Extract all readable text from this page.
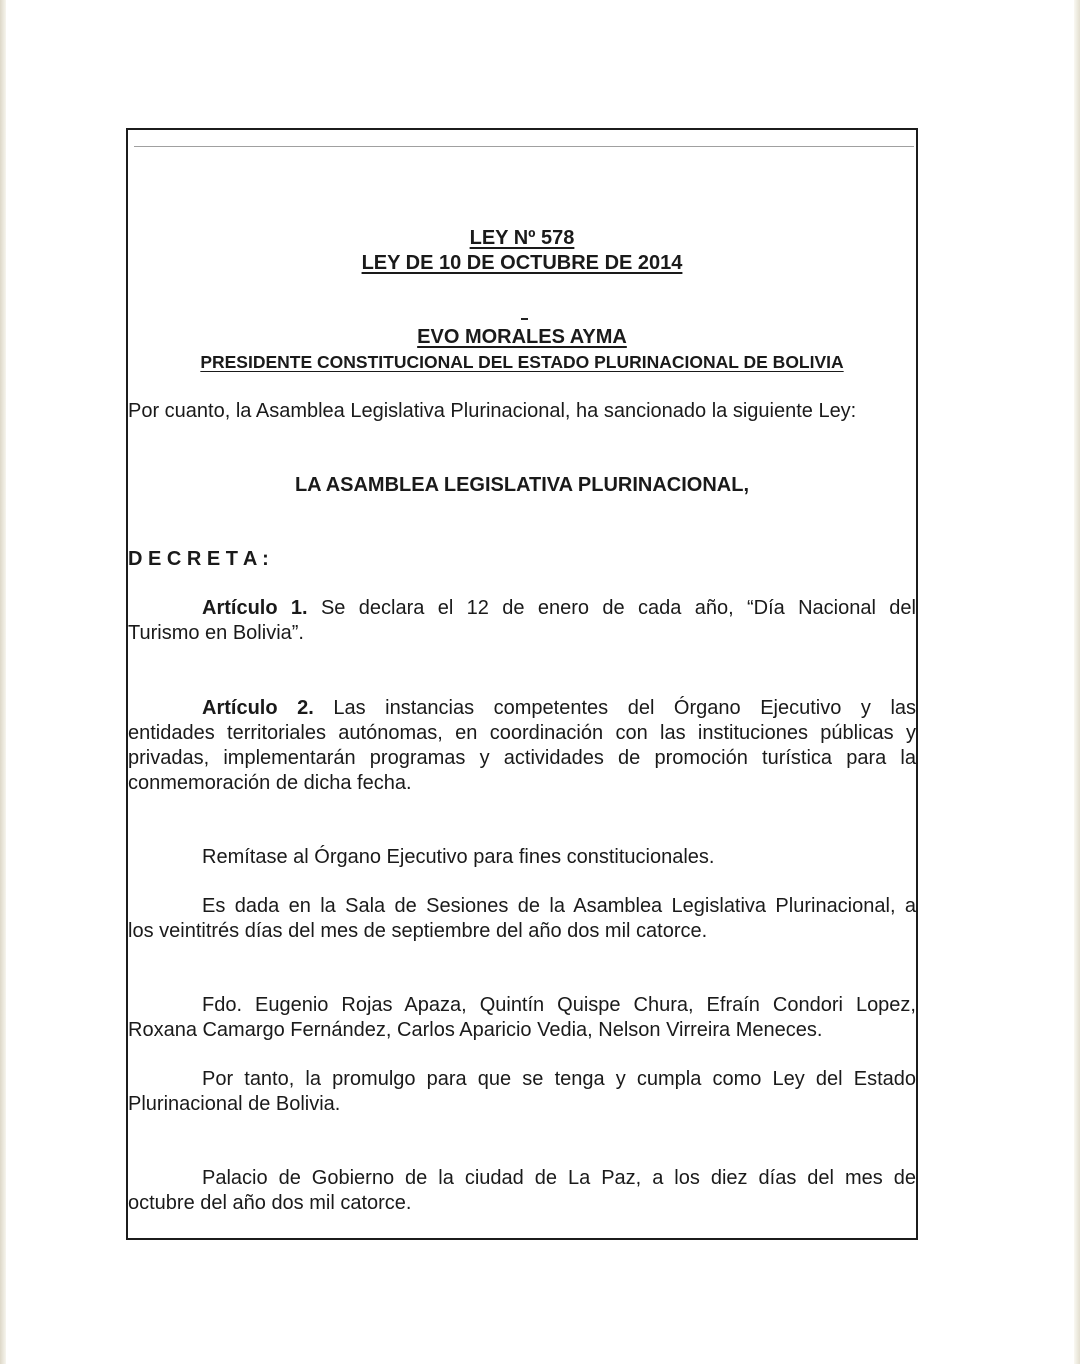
LEY Nº 578
LEY DE 10 DE OCTUBRE DE 2014
EVO MORALES AYMA
PRESIDENTE CONSTITUCIONAL DEL ESTADO PLURINACIONAL DE BOLIVIA
Por cuanto, la Asamblea Legislativa Plurinacional, ha sancionado la siguiente Ley:
LA ASAMBLEA LEGISLATIVA PLURINACIONAL,
D E C R E T A :
Artículo 1. Se declara el 12 de enero de cada año, “Día Nacional del
Turismo en Bolivia”.
Artículo 2. Las instancias competentes del Órgano Ejecutivo y las
entidades territoriales autónomas, en coordinación con las instituciones públicas y
privadas, implementarán programas y actividades de promoción turística para la
conmemoración de dicha fecha.
Remítase al Órgano Ejecutivo para fines constitucionales.
Es dada en la Sala de Sesiones de la Asamblea Legislativa Plurinacional, a
los veintitrés días del mes de septiembre del año dos mil catorce.
Fdo. Eugenio Rojas Apaza, Quintín Quispe Chura, Efraín Condori Lopez,
Roxana Camargo Fernández, Carlos Aparicio Vedia, Nelson Virreira Meneces.
Por tanto, la promulgo para que se tenga y cumpla como Ley del Estado
Plurinacional de Bolivia.
Palacio de Gobierno de la ciudad de La Paz, a los diez días del mes de
octubre del año dos mil catorce.
